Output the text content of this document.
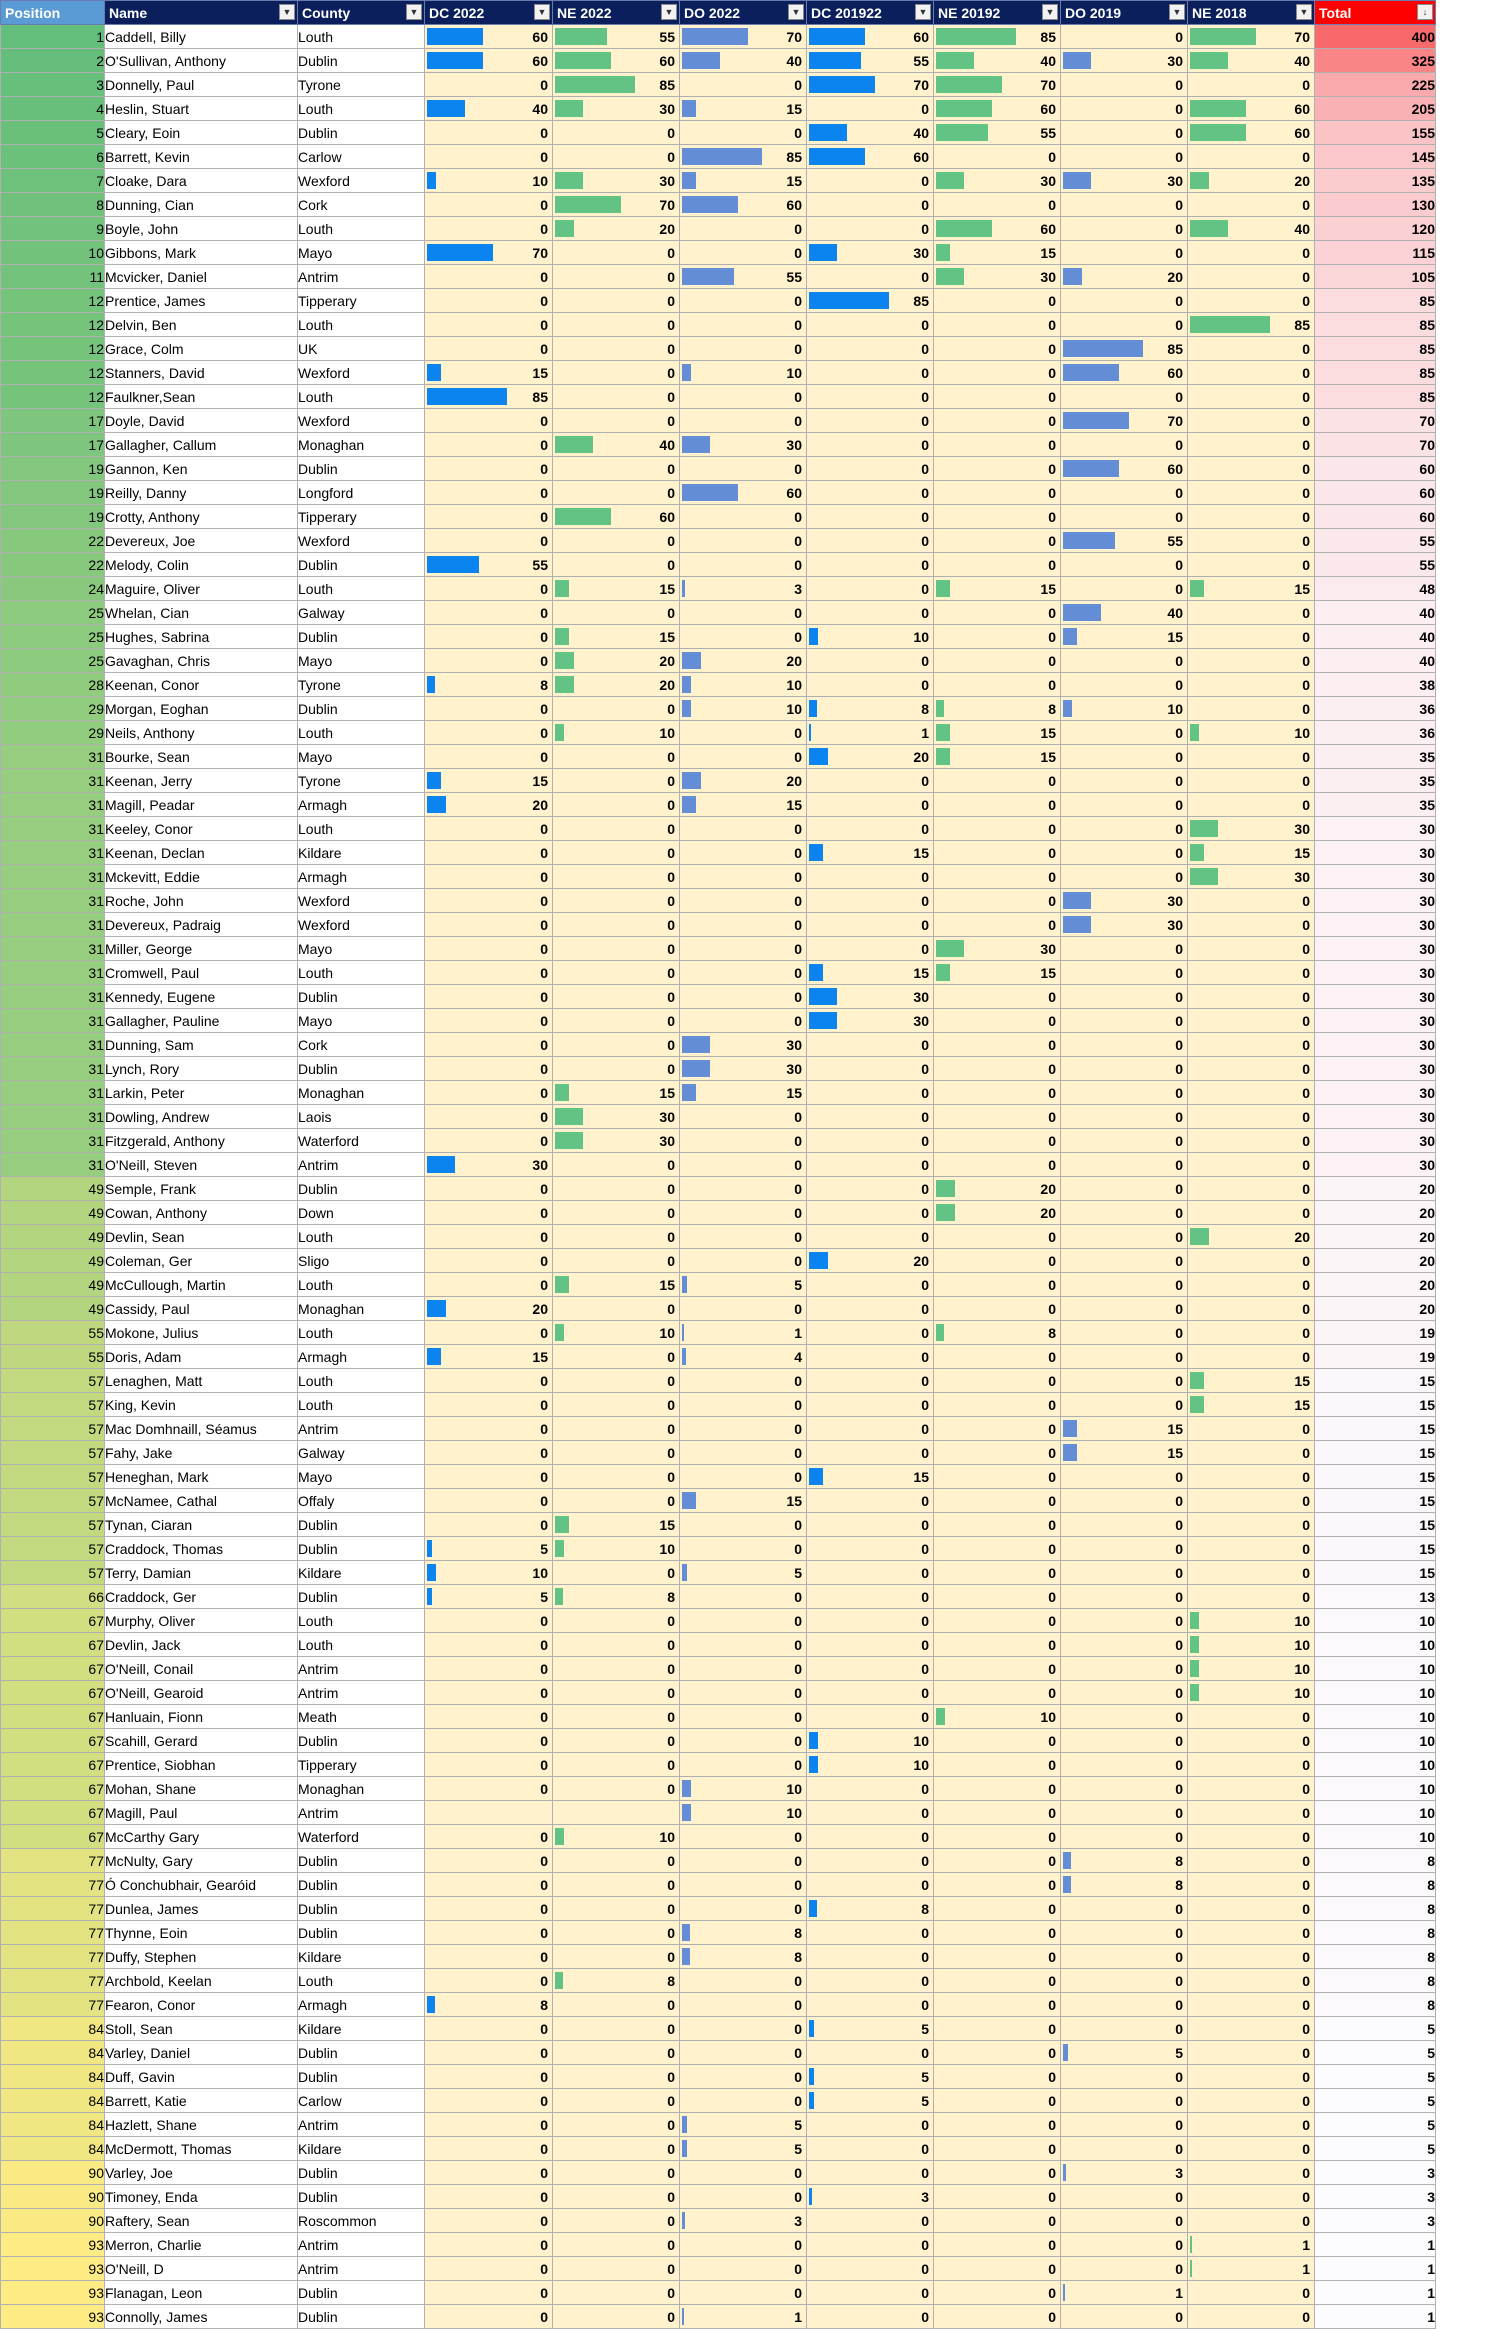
Position	Name ▼	County ▼	DC 2022 ▼	NE 2022 ▼	DO 2022 ▼	DC 201922 ▼	NE 20192 ▼	DO 2019 ▼	NE 2018 ▼	Total ↓

1	Caddell, Billy	Louth	60	55	70	60	85	0	70	400
2	O'Sullivan, Anthony	Dublin	60	60	40	55	40	30	40	325
3	Donnelly, Paul	Tyrone	0	85	0	70	70	0	0	225
4	Heslin, Stuart	Louth	40	30	15	0	60	0	60	205
5	Cleary, Eoin	Dublin	0	0	0	40	55	0	60	155
6	Barrett, Kevin	Carlow	0	0	85	60	0	0	0	145
7	Cloake, Dara	Wexford	10	30	15	0	30	30	20	135
8	Dunning, Cian	Cork	0	70	60	0	0	0	0	130
9	Boyle, John	Louth	0	20	0	0	60	0	40	120
10	Gibbons, Mark	Mayo	70	0	0	30	15	0	0	115
11	Mcvicker, Daniel	Antrim	0	0	55	0	30	20	0	105
12	Prentice, James	Tipperary	0	0	0	85	0	0	0	85
12	Delvin, Ben	Louth	0	0	0	0	0	0	85	85
12	Grace, Colm	UK	0	0	0	0	0	85	0	85
12	Stanners, David	Wexford	15	0	10	0	0	60	0	85
12	Faulkner,Sean	Louth	85	0	0	0	0	0	0	85
17	Doyle, David	Wexford	0	0	0	0	0	70	0	70
17	Gallagher, Callum	Monaghan	0	40	30	0	0	0	0	70
19	Gannon, Ken	Dublin	0	0	0	0	0	60	0	60
19	Reilly, Danny	Longford	0	0	60	0	0	0	0	60
19	Crotty, Anthony	Tipperary	0	60	0	0	0	0	0	60
22	Devereux, Joe	Wexford	0	0	0	0	0	55	0	55
22	Melody, Colin	Dublin	55	0	0	0	0	0	0	55
24	Maguire, Oliver	Louth	0	15	3	0	15	0	15	48
25	Whelan, Cian	Galway	0	0	0	0	0	40	0	40
25	Hughes, Sabrina	Dublin	0	15	0	10	0	15	0	40
25	Gavaghan, Chris	Mayo	0	20	20	0	0	0	0	40
28	Keenan, Conor	Tyrone	8	20	10	0	0	0	0	38
29	Morgan, Eoghan	Dublin	0	0	10	8	8	10	0	36
29	Neils, Anthony	Louth	0	10	0	1	15	0	10	36
31	Bourke, Sean	Mayo	0	0	0	20	15	0	0	35
31	Keenan, Jerry	Tyrone	15	0	20	0	0	0	0	35
31	Magill, Peadar	Armagh	20	0	15	0	0	0	0	35
31	Keeley, Conor	Louth	0	0	0	0	0	0	30	30
31	Keenan, Declan	Kildare	0	0	0	15	0	0	15	30
31	Mckevitt, Eddie	Armagh	0	0	0	0	0	0	30	30
31	Roche, John	Wexford	0	0	0	0	0	30	0	30
31	Devereux, Padraig	Wexford	0	0	0	0	0	30	0	30
31	Miller, George	Mayo	0	0	0	0	30	0	0	30
31	Cromwell, Paul	Louth	0	0	0	15	15	0	0	30
31	Kennedy, Eugene	Dublin	0	0	0	30	0	0	0	30
31	Gallagher, Pauline	Mayo	0	0	0	30	0	0	0	30
31	Dunning, Sam	Cork	0	0	30	0	0	0	0	30
31	Lynch, Rory	Dublin	0	0	30	0	0	0	0	30
31	Larkin, Peter	Monaghan	0	15	15	0	0	0	0	30
31	Dowling, Andrew	Laois	0	30	0	0	0	0	0	30
31	Fitzgerald, Anthony	Waterford	0	30	0	0	0	0	0	30
31	O'Neill, Steven	Antrim	30	0	0	0	0	0	0	30
49	Semple, Frank	Dublin	0	0	0	0	20	0	0	20
49	Cowan, Anthony	Down	0	0	0	0	20	0	0	20
49	Devlin, Sean	Louth	0	0	0	0	0	0	20	20
49	Coleman, Ger	Sligo	0	0	0	20	0	0	0	20
49	McCullough, Martin	Louth	0	15	5	0	0	0	0	20
49	Cassidy, Paul	Monaghan	20	0	0	0	0	0	0	20
55	Mokone, Julius	Louth	0	10	1	0	8	0	0	19
55	Doris, Adam	Armagh	15	0	4	0	0	0	0	19
57	Lenaghen, Matt	Louth	0	0	0	0	0	0	15	15
57	King, Kevin	Louth	0	0	0	0	0	0	15	15
57	Mac Domhnaill, Séamus	Antrim	0	0	0	0	0	15	0	15
57	Fahy, Jake	Galway	0	0	0	0	0	15	0	15
57	Heneghan, Mark	Mayo	0	0	0	15	0	0	0	15
57	McNamee, Cathal	Offaly	0	0	15	0	0	0	0	15
57	Tynan, Ciaran	Dublin	0	15	0	0	0	0	0	15
57	Craddock, Thomas	Dublin	5	10	0	0	0	0	0	15
57	Terry, Damian	Kildare	10	0	5	0	0	0	0	15
66	Craddock, Ger	Dublin	5	8	0	0	0	0	0	13
67	Murphy, Oliver	Louth	0	0	0	0	0	0	10	10
67	Devlin, Jack	Louth	0	0	0	0	0	0	10	10
67	O'Neill, Conail	Antrim	0	0	0	0	0	0	10	10
67	O'Neill, Gearoid	Antrim	0	0	0	0	0	0	10	10
67	Hanluain, Fionn	Meath	0	0	0	0	10	0	0	10
67	Scahill, Gerard	Dublin	0	0	0	10	0	0	0	10
67	Prentice, Siobhan	Tipperary	0	0	0	10	0	0	0	10
67	Mohan, Shane	Monaghan	0	0	10	0	0	0	0	10
67	Magill, Paul	Antrim			10	0	0	0	0	10
67	McCarthy Gary	Waterford	0	10	0	0	0	0	0	10
77	McNulty, Gary	Dublin	0	0	0	0	0	8	0	8
77	Ó Conchubhair, Gearóid	Dublin	0	0	0	0	0	8	0	8
77	Dunlea, James	Dublin	0	0	0	8	0	0	0	8
77	Thynne, Eoin	Dublin	0	0	8	0	0	0	0	8
77	Duffy, Stephen	Kildare	0	0	8	0	0	0	0	8
77	Archbold, Keelan	Louth	0	8	0	0	0	0	0	8
77	Fearon, Conor	Armagh	8	0	0	0	0	0	0	8
84	Stoll, Sean	Kildare	0	0	0	5	0	0	0	5
84	Varley, Daniel	Dublin	0	0	0	0	0	5	0	5
84	Duff, Gavin	Dublin	0	0	0	5	0	0	0	5
84	Barrett, Katie	Carlow	0	0	0	5	0	0	0	5
84	Hazlett, Shane	Antrim	0	0	5	0	0	0	0	5
84	McDermott, Thomas	Kildare	0	0	5	0	0	0	0	5
90	Varley, Joe	Dublin	0	0	0	0	0	3	0	3
90	Timoney, Enda	Dublin	0	0	0	3	0	0	0	3
90	Raftery, Sean	Roscommon	0	0	3	0	0	0	0	3
93	Merron, Charlie	Antrim	0	0	0	0	0	0	1	1
93	O'Neill, D	Antrim	0	0	0	0	0	0	1	1
93	Flanagan, Leon	Dublin	0	0	0	0	0	1	0	1
93	Connolly, James	Dublin	0	0	1	0	0	0	0	1
